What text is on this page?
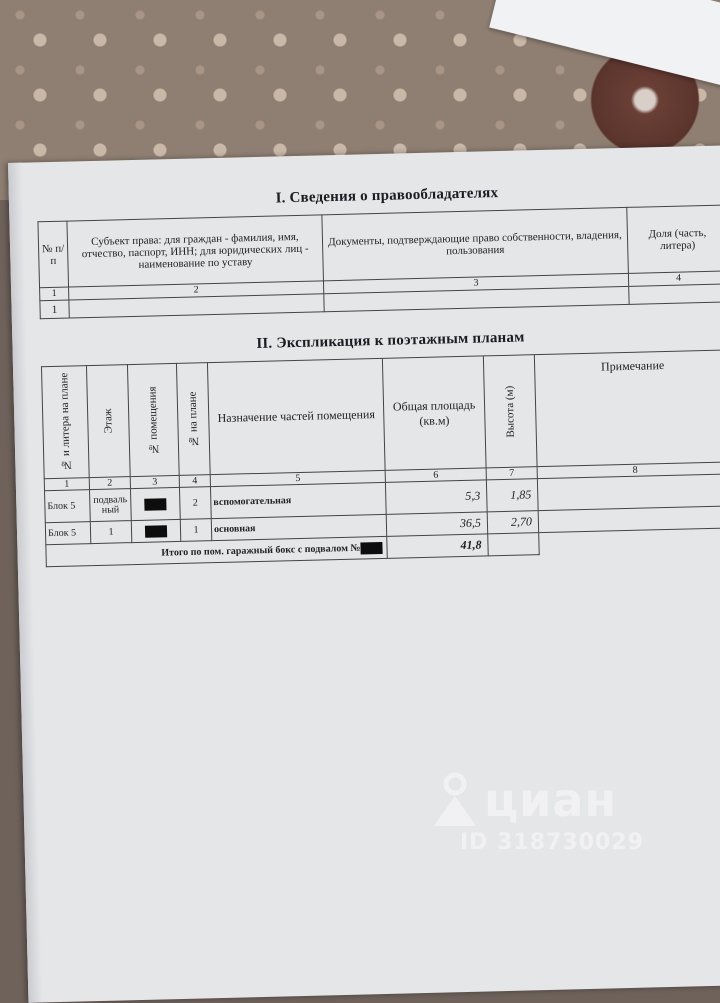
I. Сведения о правообладателях
№ п/п	Субъект права: для граждан - фамилия, имя, отчество, паспорт, ИНН; для юридических лиц - наименование по уставу	Документы, подтверждающие право собственности, владения, пользования	Доля (часть, литера)
1	2	3	4
1			
II. Экспликация к поэтажным планам
№ и литера на плане	Этаж	№ помещения	№ на плане	Назначение частей помещения	Общая площадь (кв.м)	Высота (м)	Примечание
1	2	3	4	5	6	7	8
Блок 5	подваль ный		2	вспомогательная	5,3	1,85	
Блок 5	1		1	основная	36,5	2,70	
Итого по пом. гаражный бокс с подвалом №					41,8		
циан
ID 318730029
